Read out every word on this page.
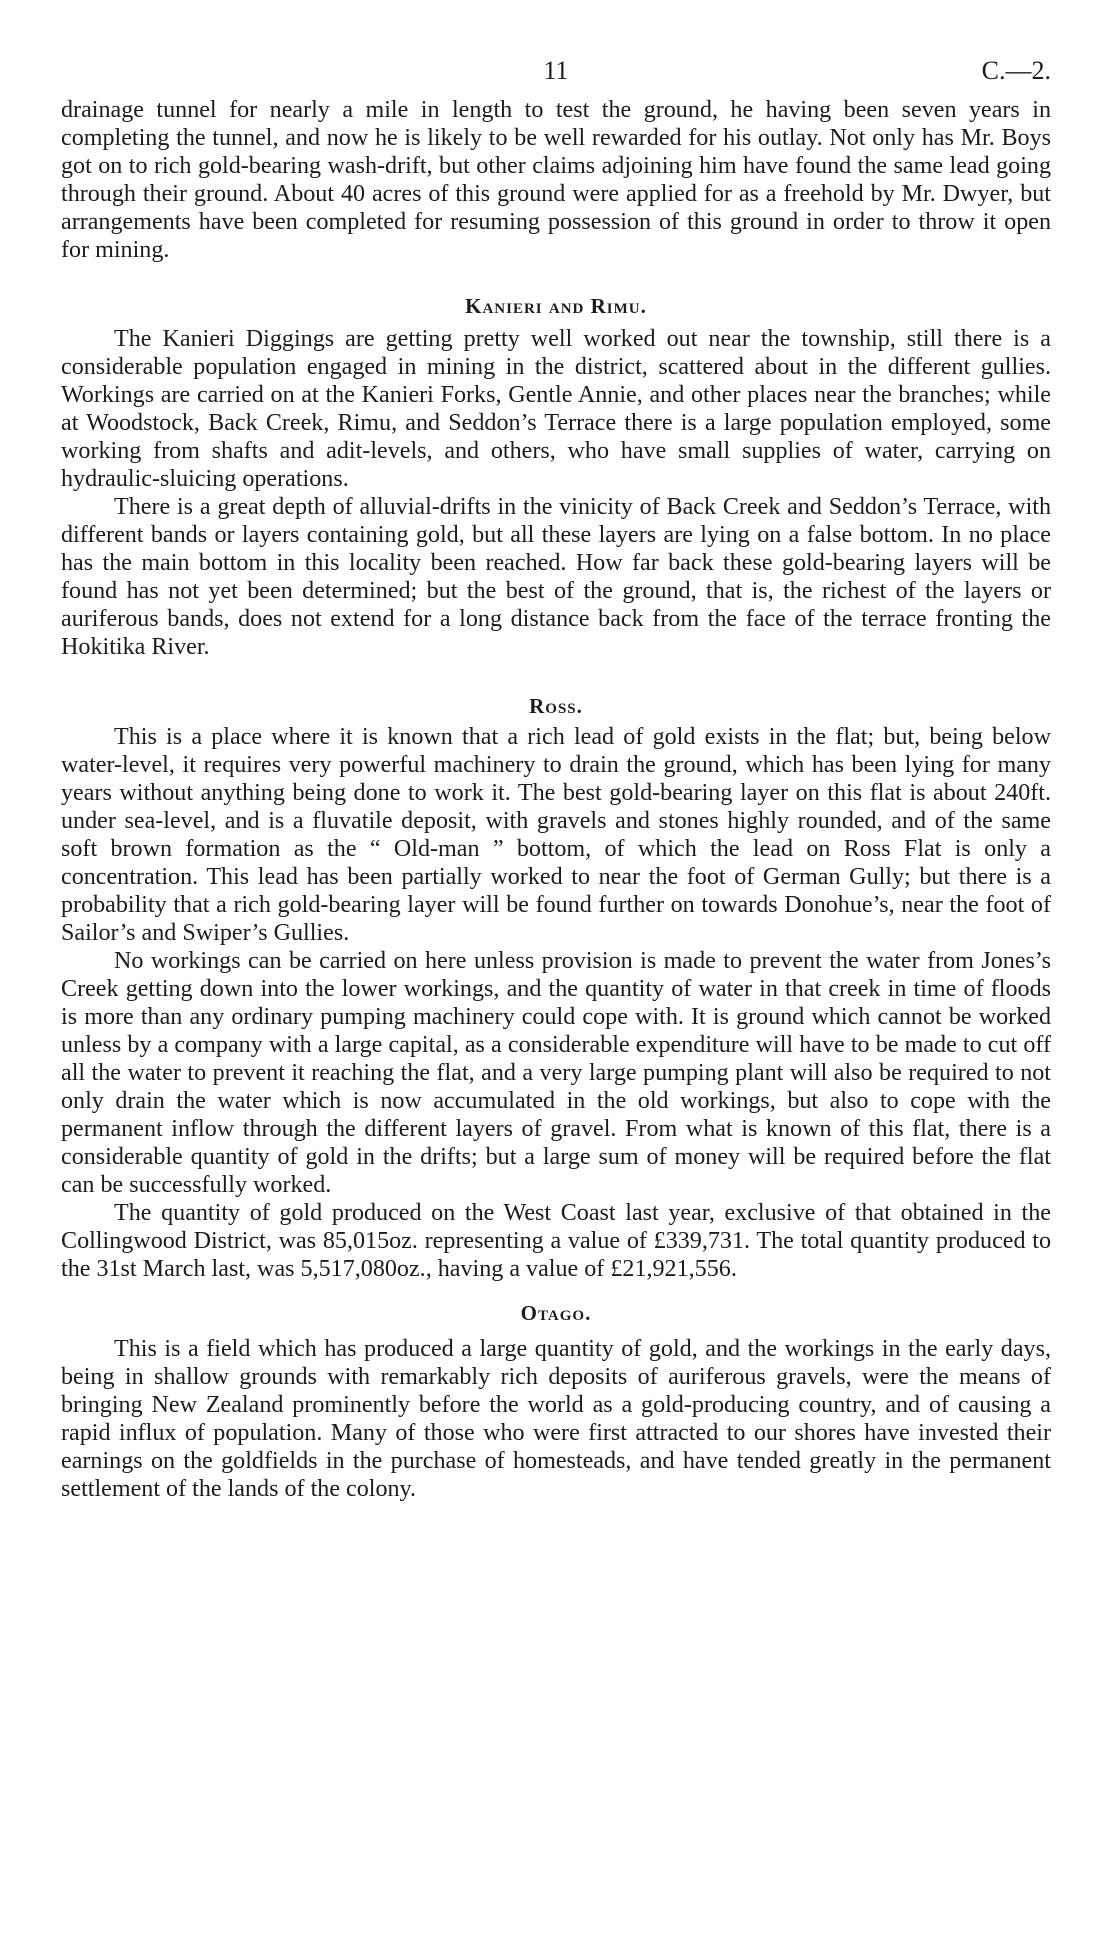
11	C.—2.

drainage tunnel for nearly a mile in length to test the ground, he having been seven years in completing the tunnel, and now he is likely to be well rewarded for his outlay. Not only has Mr. Boys got on to rich gold-bearing wash-drift, but other claims adjoining him have found the same lead going through their ground. About 40 acres of this ground were applied for as a freehold by Mr. Dwyer, but arrangements have been completed for resuming possession of this ground in order to throw it open for mining.

Kanieri and Rimu.

The Kanieri Diggings are getting pretty well worked out near the township, still there is a considerable population engaged in mining in the district, scattered about in the different gullies. Workings are carried on at the Kanieri Forks, Gentle Annie, and other places near the branches; while at Woodstock, Back Creek, Rimu, and Seddon’s Terrace there is a large population employed, some working from shafts and adit-levels, and others, who have small supplies of water, carrying on hydraulic-sluicing operations.

There is a great depth of alluvial-drifts in the vinicity of Back Creek and Seddon’s Terrace, with different bands or layers containing gold, but all these layers are lying on a false bottom. In no place has the main bottom in this locality been reached. How far back these gold-bearing layers will be found has not yet been determined; but the best of the ground, that is, the richest of the layers or auriferous bands, does not extend for a long distance back from the face of the terrace fronting the Hokitika River.

Ross.

This is a place where it is known that a rich lead of gold exists in the flat; but, being below water-level, it requires very powerful machinery to drain the ground, which has been lying for many years without anything being done to work it. The best gold-bearing layer on this flat is about 240ft. under sea-level, and is a fluvatile deposit, with gravels and stones highly rounded, and of the same soft brown formation as the “ Old-man ” bottom, of which the lead on Ross Flat is only a concentration. This lead has been partially worked to near the foot of German Gully; but there is a probability that a rich gold-bearing layer will be found further on towards Donohue’s, near the foot of Sailor’s and Swiper’s Gullies.

No workings can be carried on here unless provision is made to prevent the water from Jones’s Creek getting down into the lower workings, and the quantity of water in that creek in time of floods is more than any ordinary pumping machinery could cope with. It is ground which cannot be worked unless by a company with a large capital, as a considerable expenditure will have to be made to cut off all the water to prevent it reaching the flat, and a very large pumping plant will also be required to not only drain the water which is now accumulated in the old workings, but also to cope with the permanent inflow through the different layers of gravel. From what is known of this flat, there is a considerable quantity of gold in the drifts; but a large sum of money will be required before the flat can be successfully worked.

The quantity of gold produced on the West Coast last year, exclusive of that obtained in the Collingwood District, was 85,015oz. representing a value of £339,731. The total quantity produced to the 31st March last, was 5,517,080oz., having a value of £21,921,556.

Otago.

This is a field which has produced a large quantity of gold, and the workings in the early days, being in shallow grounds with remarkably rich deposits of auriferous gravels, were the means of bringing New Zealand prominently before the world as a gold-producing country, and of causing a rapid influx of population. Many of those who were first attracted to our shores have invested their earnings on the goldfields in the purchase of homesteads, and have tended greatly in the permanent settlement of the lands of the colony.
